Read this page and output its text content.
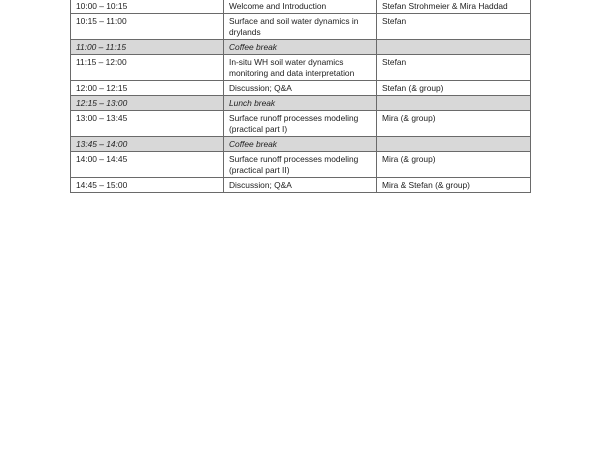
10:00 – 10:15	Welcome and Introduction	Stefan Strohmeier & Mira Haddad
10:15 – 11:00	Surface and soil water dynamics in drylands	Stefan
11:00 – 11:15	Coffee break	
11:15 – 12:00	In-situ WH soil water dynamics monitoring and data interpretation	Stefan
12:00 – 12:15	Discussion; Q&A	Stefan (& group)
12:15 – 13:00	Lunch break	
13:00 – 13:45	Surface runoff processes modeling (practical part I)	Mira (& group)
13:45 – 14:00	Coffee break	
14:00 – 14:45	Surface runoff processes modeling (practical part II)	Mira (& group)
14:45 – 15:00	Discussion; Q&A	Mira & Stefan (& group)
